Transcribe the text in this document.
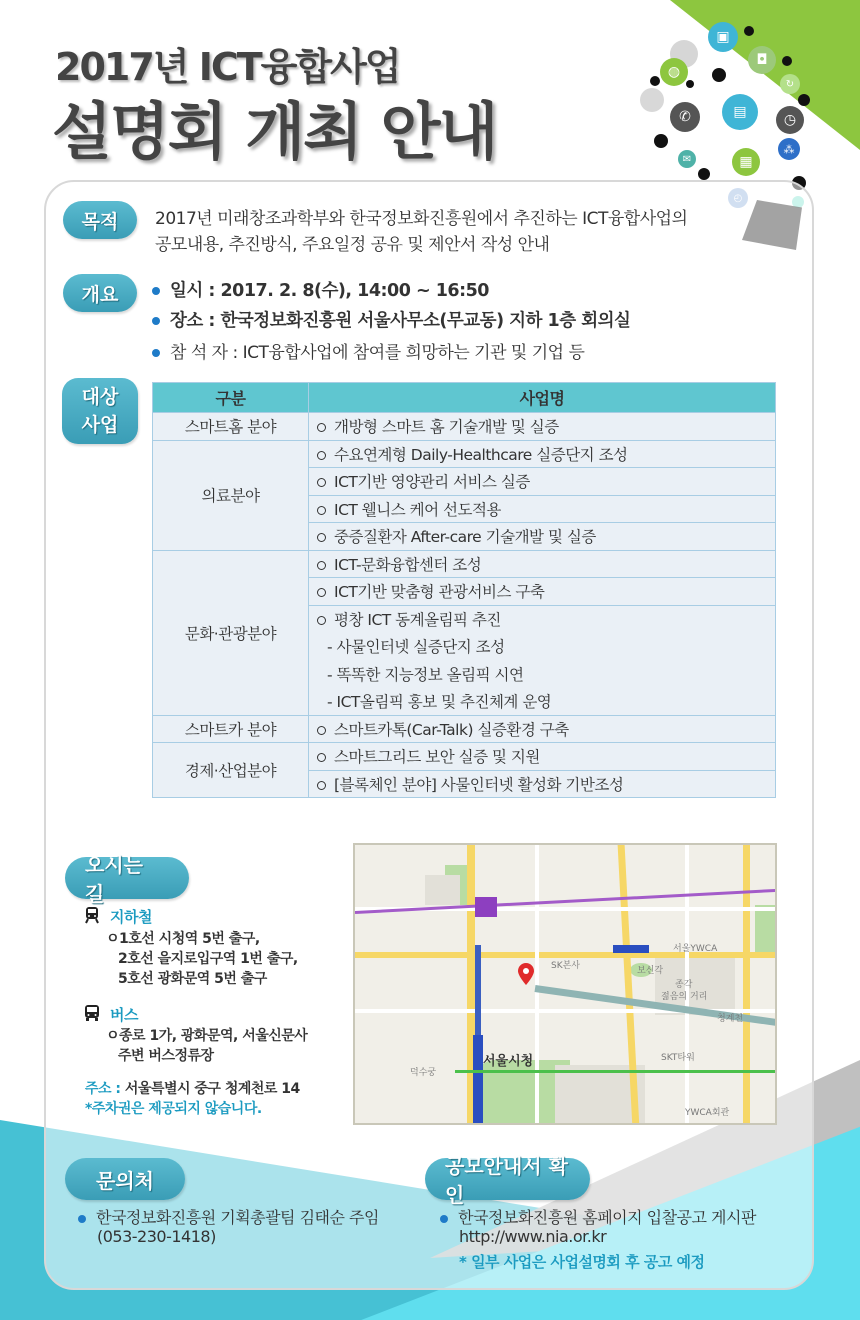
2017년 ICT융합사업
설명회 개최 안내
▣
◘
◍
↻
✆	▤	◷
⁂
✉	▦
목적	2017년 미래창조과학부와 한국정보화진흥원에서 추진하는 ICT융합사업의
공모내용, 추진방식, 주요일정 공유 및 제안서 작성 안내
개요	일시 : 2017. 2. 8(수), 14:00 ~ 16:50
장소 : 한국정보화진흥원 서울사무소(무교동) 지하 1층 회의실
참 석 자 : ICT융합사업에 참여를 희망하는 기관 및 기업 등
대상
사업
구분	사업명
스마트홈 분야	개방형 스마트 홈 기술개발 및 실증
의료분야	수요연계형 Daily-Healthcare 실증단지 조성
	ICT기반 영양관리 서비스 실증
	ICT 웰니스 케어 선도적용
	중증질환자 After-care 기술개발 및 실증
문화·관광분야	ICT-문화융합센터 조성
	ICT기반 맞춤형 관광서비스 구축
	평창 ICT 동계올림픽 추진
	- 사물인터넷 실증단지 조성
	- 똑똑한 지능정보 올림픽 시연
	- ICT올림픽 홍보 및 추진체계 운영
스마트카 분야	스마트카톡(Car-Talk) 실증환경 구축
경제·산업분야	스마트그리드 보안 실증 및 지원
	[블록체인 분야] 사물인터넷 활성화 기반조성
오시는 길
지하철
ㅇ1호선 시청역 5번 출구,
2호선 을지로입구역 1번 출구,
5호선 광화문역 5번 출구
버스
ㅇ종로 1가, 광화문역, 서울신문사
주변 버스정류장
주소 : 서울특별시 중구 청계천로 14
*주차권은 제공되지 않습니다.
서울시청
덕수궁
보신각
종각
젊음의 거리
서울YWCA
YWCA회관
SK본사
SKT타워
청계천
문의처
한국정보화진흥원 기획총괄팀 김태순 주임
(053-230-1418)
공모안내서 확인
한국정보화진흥원 홈페이지 입찰공고 게시판
http://www.nia.or.kr
* 일부 사업은 사업설명회 후 공고 예정
